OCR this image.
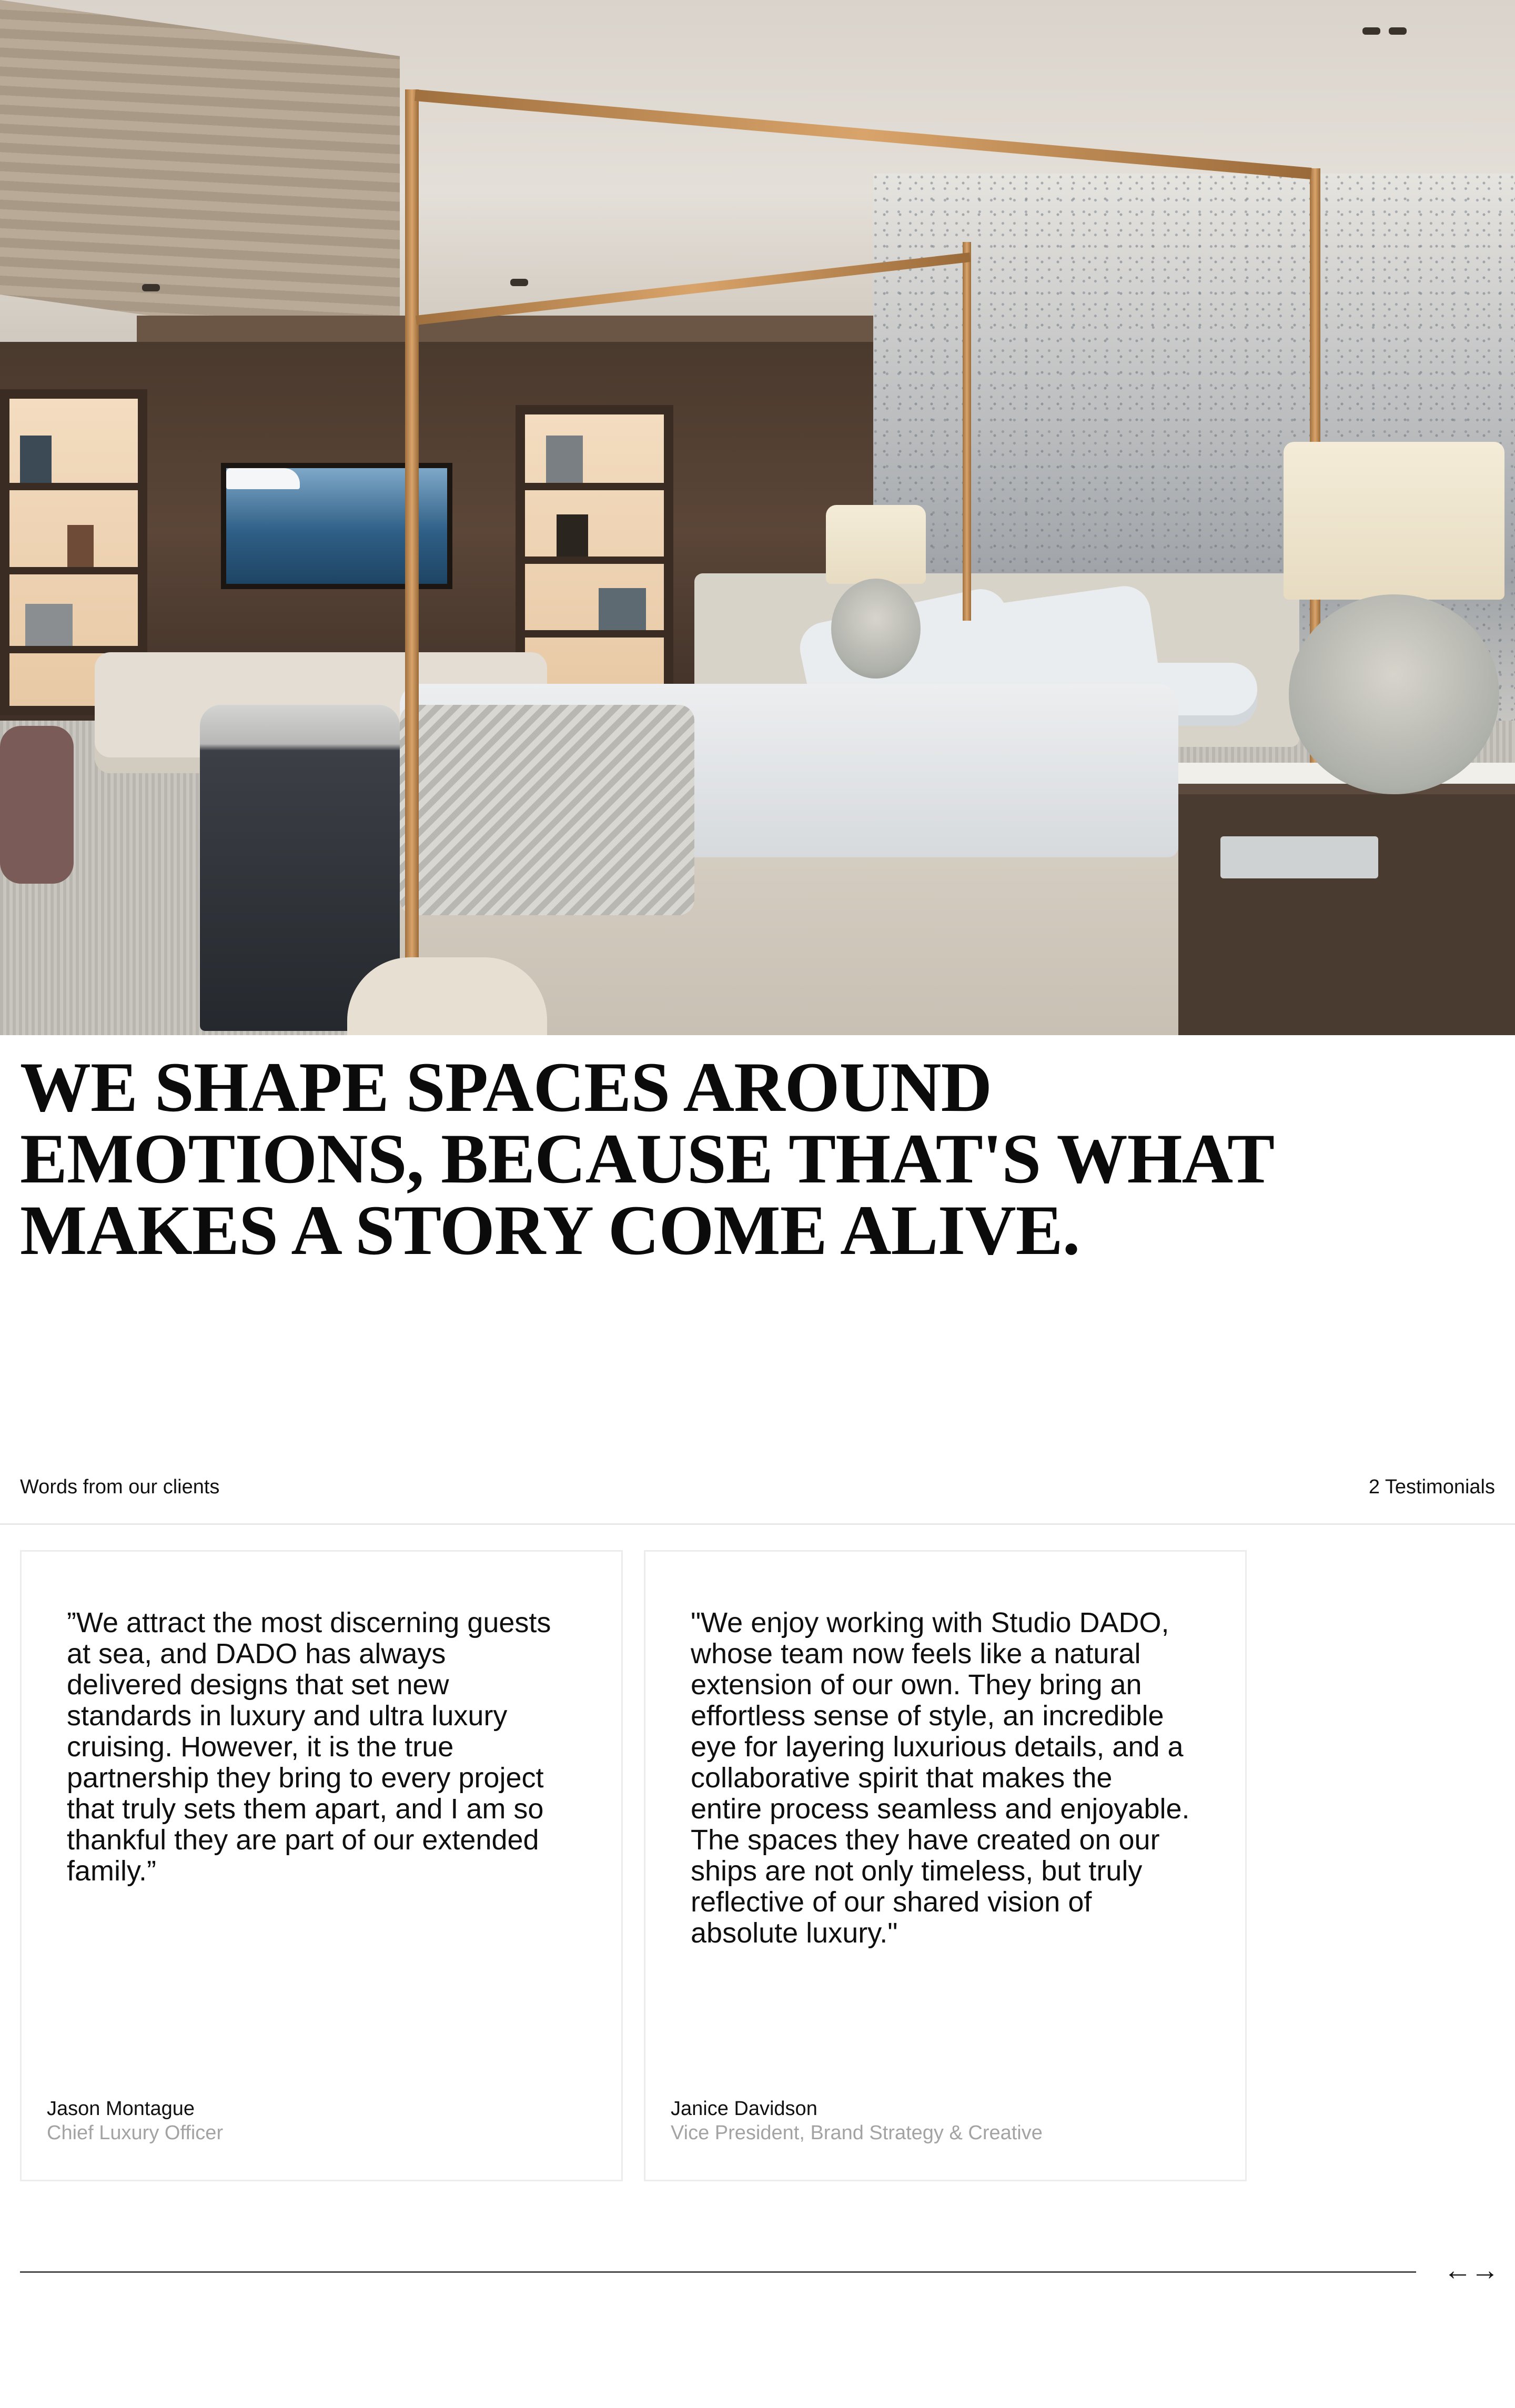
WE SHAPE SPACES AROUND
EMOTIONS, BECAUSE THAT'S WHAT
MAKES A STORY COME ALIVE.
Words from our clients	2 Testimonials

”We attract the most discerning guests at sea, and DADO has always delivered designs that set new standards in luxury and ultra luxury cruising. However, it is the true partnership they bring to every project that truly sets them apart, and I am so thankful they are part of our extended family.”

Jason Montague
Chief Luxury Officer

"We enjoy working with Studio DADO, whose team now feels like a natural extension of our own. They bring an effortless sense of style, an incredible eye for layering luxurious details, and a collaborative spirit that makes the entire process seamless and enjoyable. The spaces they have created on our ships are not only timeless, but truly reflective of our shared vision of absolute luxury."

Janice Davidson
Vice President, Brand Strategy & Creative
←
→
